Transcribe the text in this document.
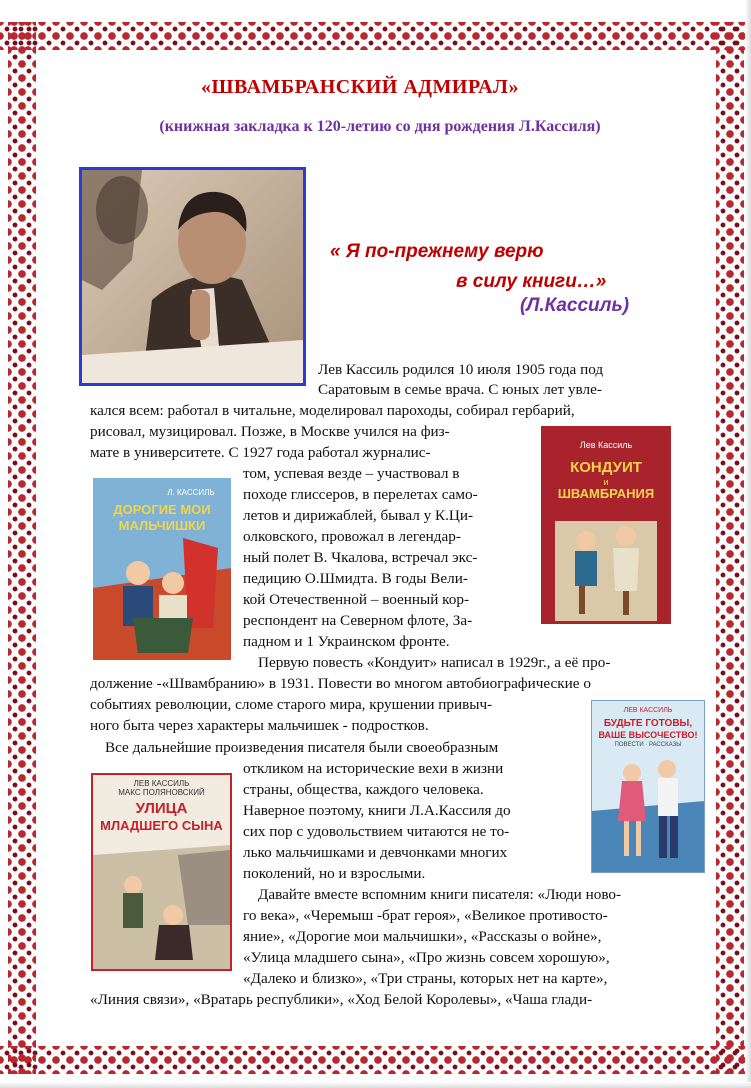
«ШВАМБРАНСКИЙ АДМИРАЛ»
(книжная закладка к 120-летию со дня рождения Л.Кассиля)
« Я по-прежнему верю
в силу книги…»
(Л.Кассиль)
Лев Кассиль
КОНДУИТ
и
ШВАМБРАНИЯ
Л. КАССИЛЬ
ДОРОГИЕ МОИ
МАЛЬЧИШКИ
ЛЕВ КАССИЛЬ
БУДЬТЕ ГОТОВЫ,
ВАШЕ ВЫСОЧЕСТВО!
ПОВЕСТИ · РАССКАЗЫ
ЛЕВ КАССИЛЬ
МАКС ПОЛЯНОВСКИЙ
УЛИЦА
МЛАДШЕГО СЫНА
Лев Кассиль родился 10 июля 1905 года под
Саратовым в семье врача. С юных лет увле-
кался всем: работал в читальне, моделировал пароходы, собирал гербарий,
рисовал, музицировал. Позже, в Москве учился на физ-
мате в университете. С 1927 года работал журналис-
том, успевая везде – участвовал в
походе глиссеров, в перелетах само-
летов и дирижаблей, бывал у К.Ци-
олковского, провожал в легендар-
ный полет В. Чкалова, встречал экс-
педицию О.Шмидта. В годы Вели-
кой Отечественной – военный кор-
респондент на Северном флоте, За-
падном и 1 Украинском фронте.
Первую повесть «Кондуит» написал в 1929г., а её про-
должение -«Швамбранию» в 1931. Повести во многом автобиографические о
событиях революции, сломе старого мира, крушении привыч-
ного быта через характеры мальчишек - подростков.
Все дальнейшие произведения писателя были своеобразным
откликом на исторические вехи в жизни
страны, общества, каждого человека.
Наверное поэтому, книги Л.А.Кассиля до
сих пор с удовольствием читаются не то-
лько мальчишками и девчонками многих
поколений, но и взрослыми.
Давайте вместе вспомним книги писателя: «Люди ново-
го века», «Черемыш -брат героя», «Великое противосто-
яние», «Дорогие мои мальчишки», «Рассказы о войне»,
«Улица младшего сына», «Про жизнь совсем хорошую»,
«Далеко и близко», «Три страны, которых нет на карте»,
«Линия связи», «Вратарь республики», «Ход Белой Королевы», «Чаша глади-
